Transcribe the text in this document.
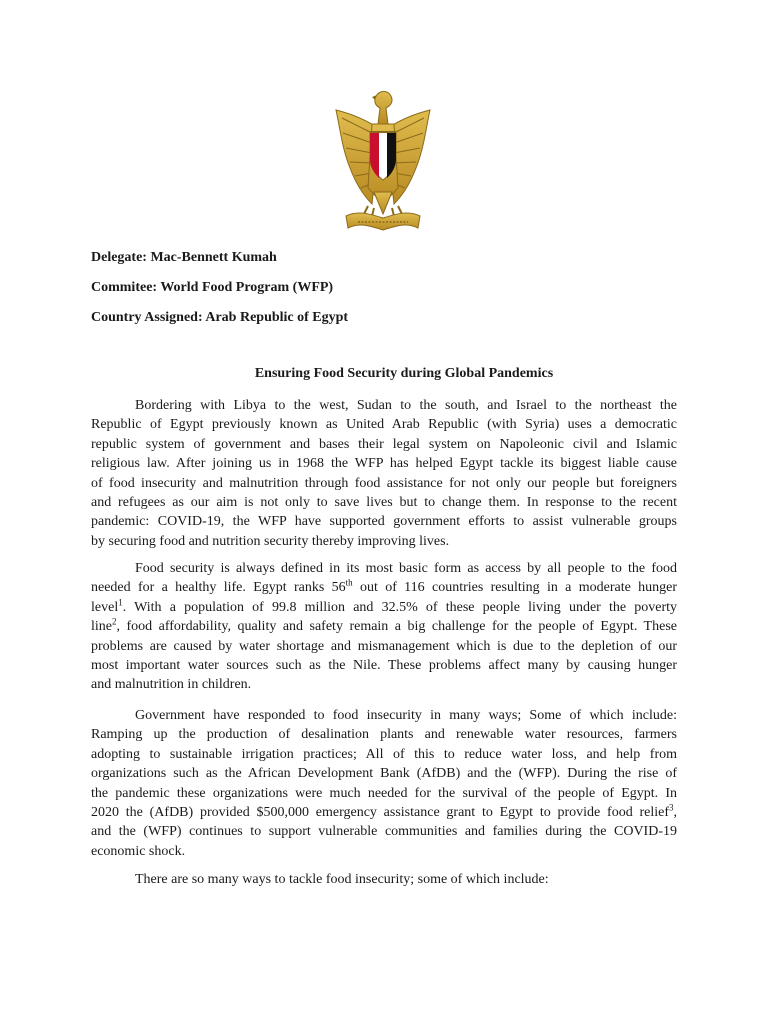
Delegate: Mac-Bennett Kumah
Commitee: World Food Program (WFP)
Country Assigned: Arab Republic of Egypt
Ensuring Food Security during Global Pandemics
Bordering with Libya to the west, Sudan to the south, and Israel to the northeast the
Republic of Egypt previously known as United Arab Republic (with Syria) uses a democratic
republic system of government and bases their legal system on Napoleonic civil and Islamic
religious law. After joining us in 1968 the WFP has helped Egypt tackle its biggest liable cause
of food insecurity and malnutrition through food assistance for not only our people but foreigners
and refugees as our aim is not only to save lives but to change them. In response to the recent
pandemic: COVID-19, the WFP have supported government efforts to assist vulnerable groups
by securing food and nutrition security thereby improving lives.
Food security is always defined in its most basic form as access by all people to the food
needed for a healthy life. Egypt ranks 56th out of 116 countries resulting in a moderate hunger
level$^1$. With a population of 99.8 million and 32.5% of these people living under the poverty
line$^2$, food affordability, quality and safety remain a big challenge for the people of Egypt. These
problems are caused by water shortage and mismanagement which is due to the depletion of our
most important water sources such as the Nile. These problems affect many by causing hunger
and malnutrition in children.
Government have responded to food insecurity in many ways; Some of which include:
Ramping up the production of desalination plants and renewable water resources, farmers
adopting to sustainable irrigation practices; All of this to reduce water loss, and help from
organizations such as the African Development Bank (AfDB) and the (WFP). During the rise of
the pandemic these organizations were much needed for the survival of the people of Egypt. In
2020 the (AfDB) provided $500,000 emergency assistance grant to Egypt to provide food relief$^3$,
and the (WFP) continues to support vulnerable communities and families during the COVID-19
economic shock.
There are so many ways to tackle food insecurity; some of which include:
